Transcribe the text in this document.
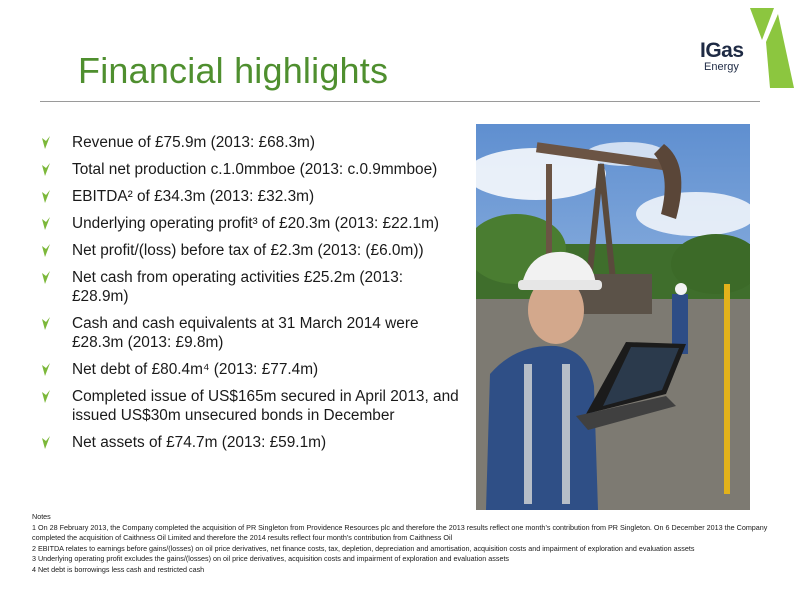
Financial highlights	IGas
Energy
Revenue of £75.9m (2013: £68.3m)
Total net production c.1.0mmboe (2013: c.0.9mmboe)
EBITDA² of £34.3m (2013: £32.3m)
Underlying operating profit³ of £20.3m (2013: £22.1m)
Net profit/(loss) before tax of £2.3m (2013: (£6.0m))
Net cash from operating activities £25.2m (2013: £28.9m)
Cash and cash equivalents at 31 March 2014 were £28.3m (2013: £9.8m)
Net debt of £80.4m⁴ (2013: £77.4m)
Completed issue of US$165m secured in April 2013, and issued US$30m unsecured bonds in December
Net assets of £74.7m (2013: £59.1m)
Notes
1 On 28 February 2013, the Company completed the acquisition of PR Singleton from Providence Resources plc and therefore the 2013 results reflect one month’s contribution from PR Singleton. On 6 December 2013 the Company completed the acquisition of Caithness Oil Limited and therefore the 2014 results reflect four month’s contribution from Caithness Oil
2 EBITDA relates to earnings before gains/(losses) on oil price derivatives, net finance costs, tax, depletion, depreciation and amortisation, acquisition costs and impairment of exploration and evaluation assets
3 Underlying operating profit excludes the gains/(losses) on oil price derivatives, acquisition costs and impairment of exploration and evaluation assets
4 Net debt is borrowings less cash and restricted cash
